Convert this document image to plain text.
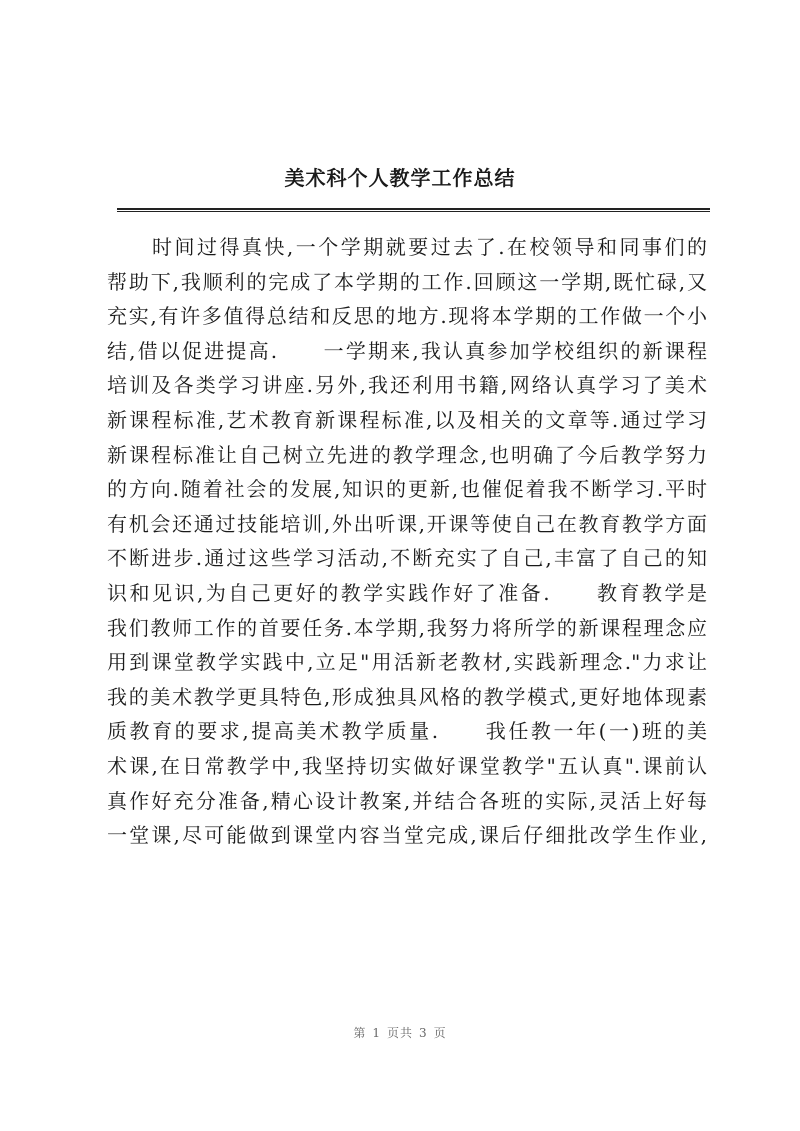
美术科个人教学工作总结
　　时间过得真快,一个学期就要过去了.在校领导和同事们的
帮助下,我顺利的完成了本学期的工作.回顾这一学期,既忙碌,又
充实,有许多值得总结和反思的地方.现将本学期的工作做一个小
结,借以促进提高.　　一学期来,我认真参加学校组织的新课程
培训及各类学习讲座.另外,我还利用书籍,网络认真学习了美术
新课程标准,艺术教育新课程标准,以及相关的文章等.通过学习
新课程标准让自己树立先进的教学理念,也明确了今后教学努力
的方向.随着社会的发展,知识的更新,也催促着我不断学习.平时
有机会还通过技能培训,外出听课,开课等使自己在教育教学方面
不断进步.通过这些学习活动,不断充实了自己,丰富了自己的知
识和见识,为自己更好的教学实践作好了准备.　　教育教学是
我们教师工作的首要任务.本学期,我努力将所学的新课程理念应
用到课堂教学实践中,立足"用活新老教材,实践新理念."力求让
我的美术教学更具特色,形成独具风格的教学模式,更好地体现素
质教育的要求,提高美术教学质量.　　我任教一年(一)班的美
术课,在日常教学中,我坚持切实做好课堂教学"五认真".课前认
真作好充分准备,精心设计教案,并结合各班的实际,灵活上好每
一堂课,尽可能做到课堂内容当堂完成,课后仔细批改学生作业,
第 1 页共 3 页
